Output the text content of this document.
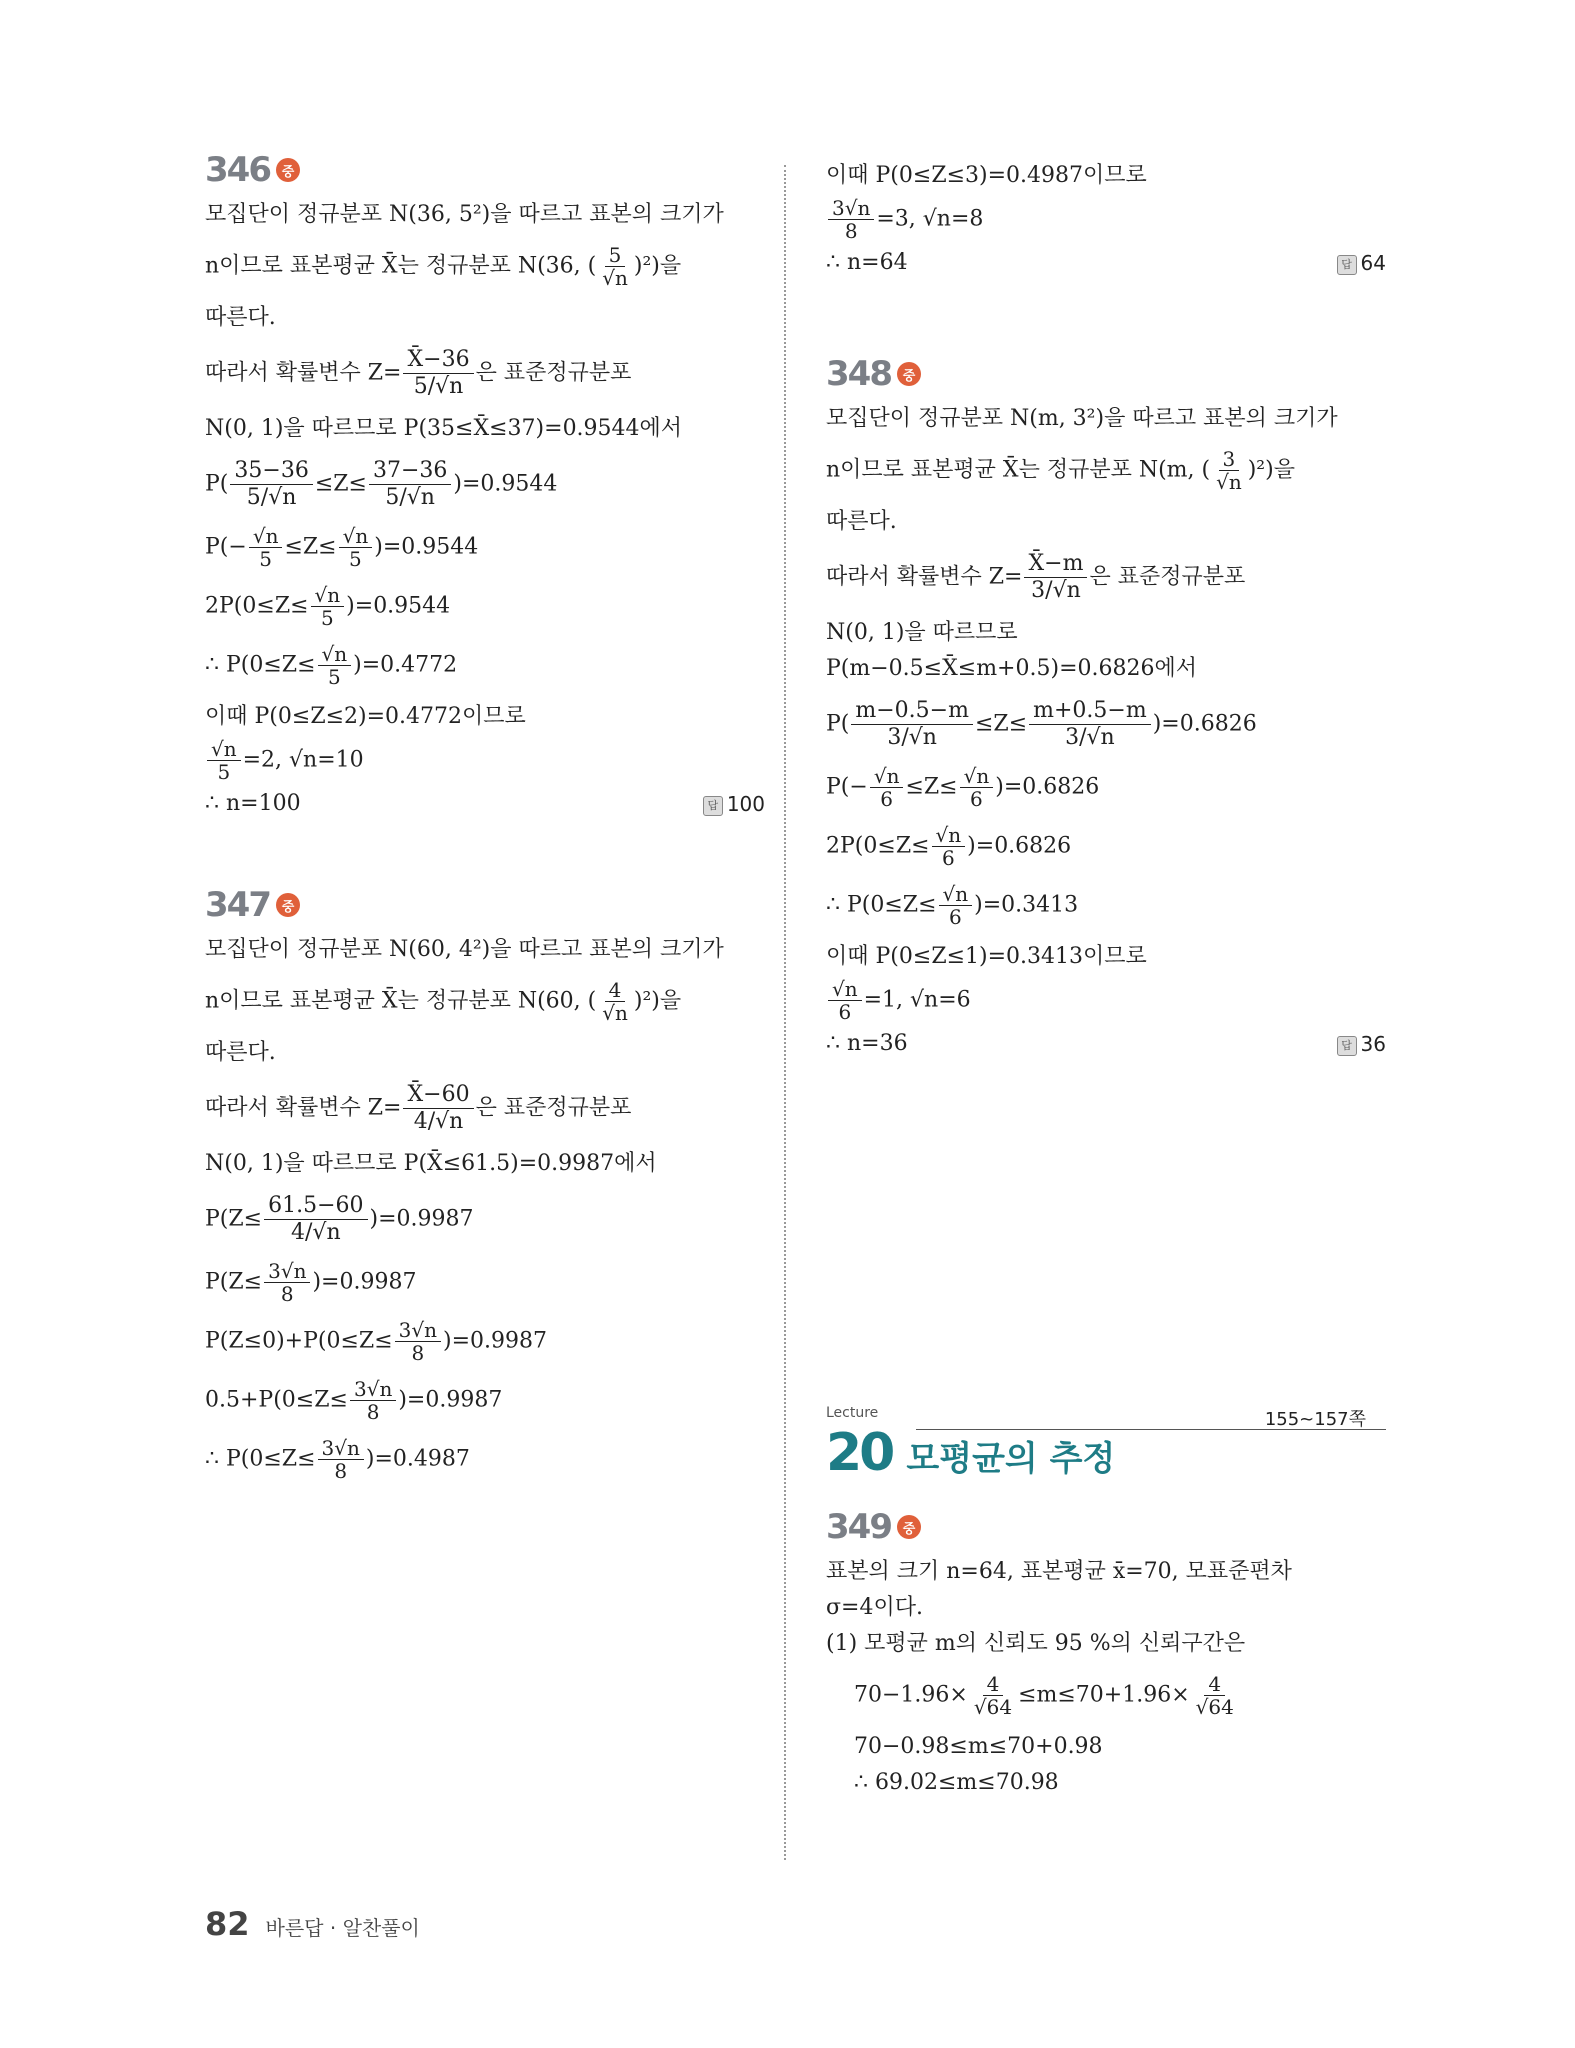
346 중
모집단이 정규분포 N(36, 5²)을 따르고 표본의 크기가
n이므로 표본평균 X̄는 정규분포 N(36, ( $\frac{5}{√n} )^2$)을
따른다.
따라서 확률변수 $Z= \frac{X̄-36}{5/√n}$ 은 표준정규분포
N(0, 1)을 따르므로 P(35≤X̄≤37)=0.9544에서
$P( \frac{35-36}{5/√n} \le Z\le \frac{37-36}{5/√n} )=0.9544$
$P(- \frac{√n}{5} \le Z\le \frac{√n}{5} )=0.9544$
$2P(0\le Z\le \frac{√n}{5} )=0.9544$
∴ $P(0\le Z\le \frac{√n}{5} )=0.4772$
이때 P(0≤Z≤2)=0.4772이므로
$\frac{√n}{5} =2$, √n=10
∴ n=100	답 100
347 중
모집단이 정규분포 N(60, 4²)을 따르고 표본의 크기가
n이므로 표본평균 X̄는 정규분포 N(60, ( $\frac{4}{√n} )^2$)을
따른다.
따라서 확률변수 $Z= \frac{X̄-60}{4/√n}$ 은 표준정규분포
N(0, 1)을 따르므로 P(X̄≤61.5)=0.9987에서
$P(Z\le \frac{61.5-60}{4/√n} )=0.9987$
$P(Z\le \frac{3√n}{8} )=0.9987$
$P(Z\le 0)+P(0\le Z\le \frac{3√n}{8} )=0.9987$
$0.5+P(0\le Z\le \frac{3√n}{8} )=0.9987$
∴ $P(0\le Z\le \frac{3√n}{8} )=0.4987$
이때 P(0≤Z≤3)=0.4987이므로
$\frac{3√n}{8} =3$, √n=8
∴ n=64	답 64
348 중
모집단이 정규분포 N(m, 3²)을 따르고 표본의 크기가
n이므로 표본평균 X̄는 정규분포 N(m, ( $\frac{3}{√n} )^2$)을
따른다.
따라서 확률변수 $Z= \frac{X̄-m}{3/√n}$ 은 표준정규분포
N(0, 1)을 따르므로
P(m−0.5≤X̄≤m+0.5)=0.6826에서
$P( \frac{m-0.5-m}{3/√n} \le Z\le \frac{m+0.5-m}{3/√n} )=0.6826$
$P(- \frac{√n}{6} \le Z\le \frac{√n}{6} )=0.6826$
$2P(0\le Z\le \frac{√n}{6} )=0.6826$
∴ $P(0\le Z\le \frac{√n}{6} )=0.3413$
이때 P(0≤Z≤1)=0.3413이므로
$\frac{√n}{6} =1$, √n=6
∴ n=36	답 36
155~157쪽
Lecture
20 모평균의 추정
349 중
표본의 크기 n=64, 표본평균 x̄=70, 모표준편차
σ=4이다.
(1) 모평균 m의 신뢰도 95 %의 신뢰구간은
$70-1.96\times \frac{4}{√64} \le m\le 70+1.96\times \frac{4}{√64}$
70−0.98≤m≤70+0.98
∴ 69.02≤m≤70.98
82 바른답 · 알찬풀이
